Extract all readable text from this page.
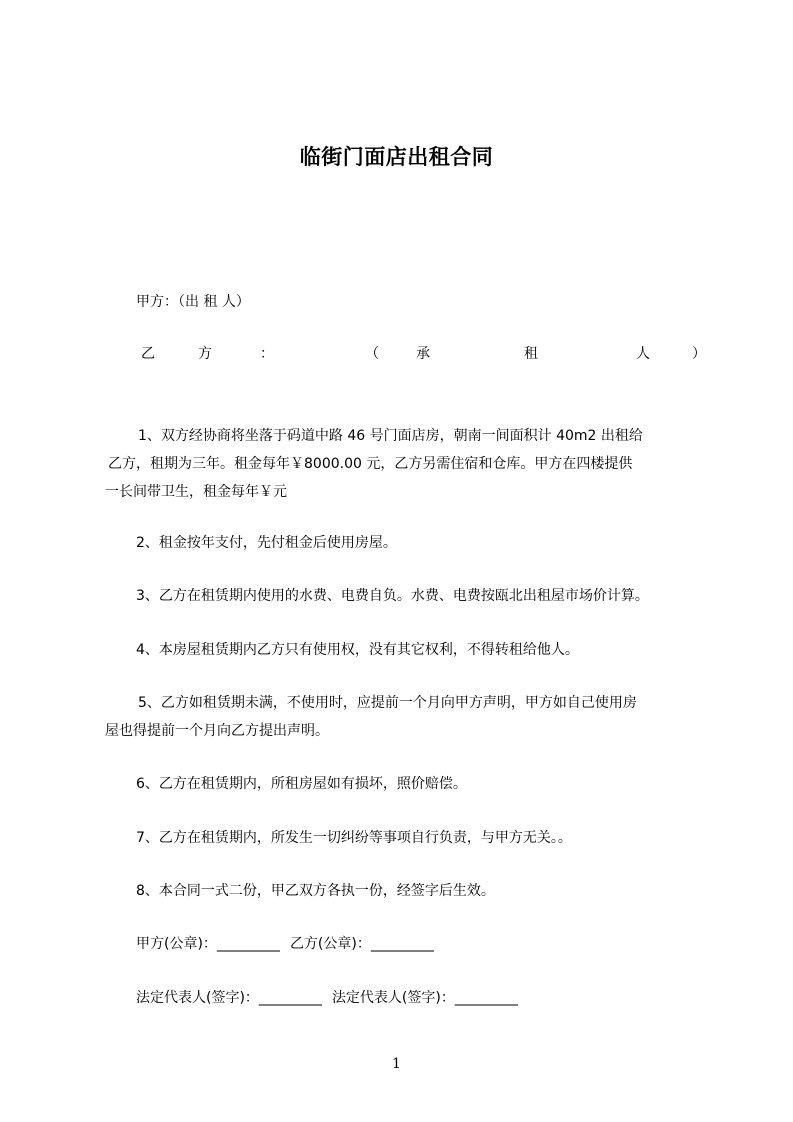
临街门面店出租合同
甲方：（出 租 人）
乙	方	：	（	承	租	人	）
1、双方经协商将坐落于码道中路 46 号门面店房，朝南一间面积计 40m2 出租给
乙方，租期为三年。租金每年￥8000.00 元，乙方另需住宿和仓库。甲方在四楼提供
一长间带卫生，租金每年￥元
2、租金按年支付，先付租金后使用房屋。
3、乙方在租赁期内使用的水费、电费自负。水费、电费按瓯北出租屋市场价计算。
4、本房屋租赁期内乙方只有使用权，没有其它权利，不得转租给他人。
5、乙方如租赁期未满，不使用时，应提前一个月向甲方声明，甲方如自己使用房
屋也得提前一个月向乙方提出声明。
6、乙方在租赁期内，所租房屋如有损坏，照价赔偿。
7、乙方在租赁期内，所发生一切纠纷等事项自行负责，与甲方无关。。
8、本合同一式二份，甲乙双方各执一份，经签字后生效。
甲方(公章)：_________ 乙方(公章)：_________
法定代表人(签字)：_________ 法定代表人(签字)：_________
1
